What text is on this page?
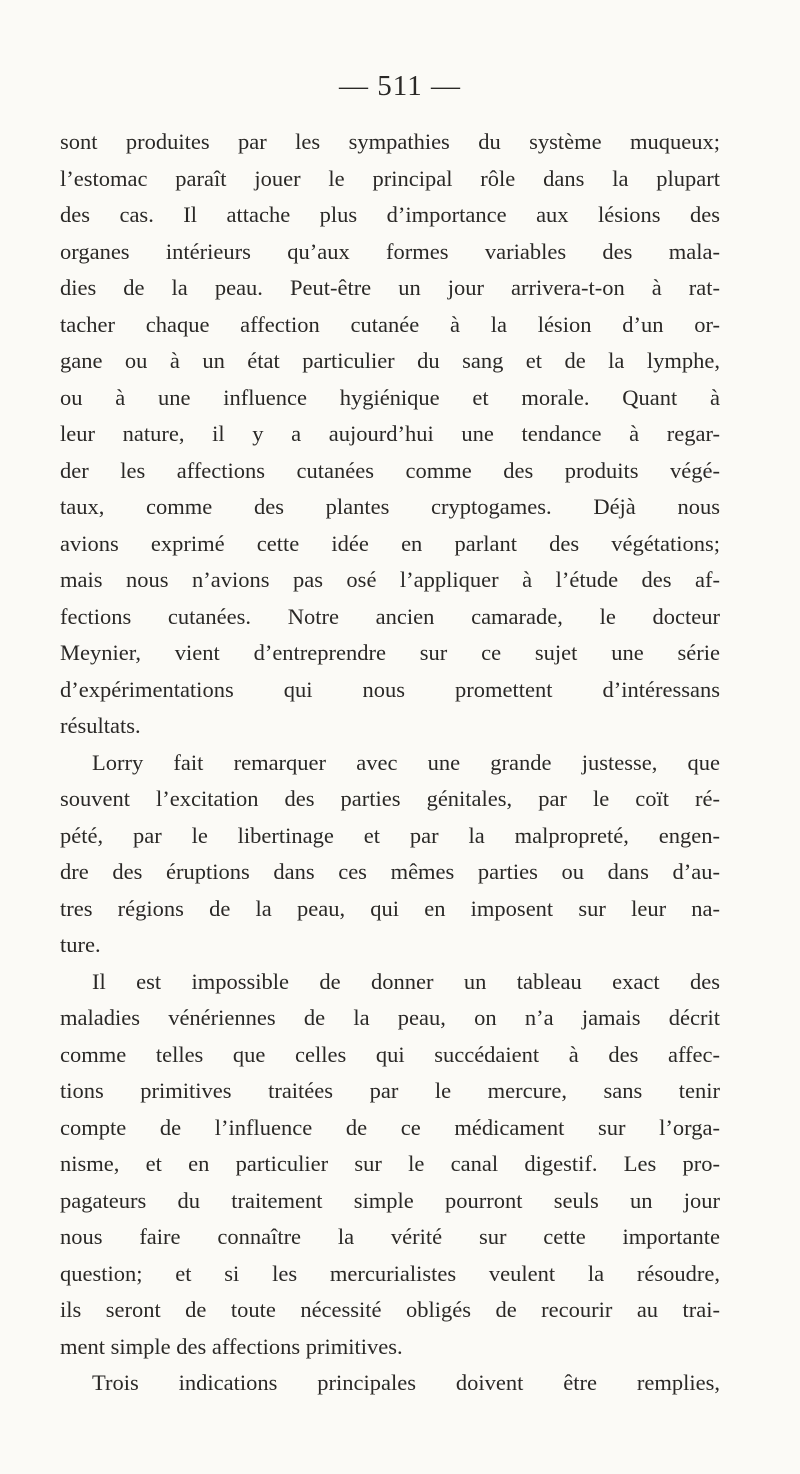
— 511 —
sont produites par les sympathies du système muqueux;
l’estomac paraît jouer le principal rôle dans la plupart
des cas. Il attache plus d’importance aux lésions des
organes intérieurs qu’aux formes variables des mala-
dies de la peau. Peut-être un jour arrivera-t-on à rat-
tacher chaque affection cutanée à la lésion d’un or-
gane ou à un état particulier du sang et de la lymphe,
ou à une influence hygiénique et morale. Quant à
leur nature, il y a aujourd’hui une tendance à regar-
der les affections cutanées comme des produits végé-
taux, comme des plantes cryptogames. Déjà nous
avions exprimé cette idée en parlant des végétations;
mais nous n’avions pas osé l’appliquer à l’étude des af-
fections cutanées. Notre ancien camarade, le docteur
Meynier, vient d’entreprendre sur ce sujet une série
d’expérimentations qui nous promettent d’intéressans
résultats.
Lorry fait remarquer avec une grande justesse, que
souvent l’excitation des parties génitales, par le coït ré-
pété, par le libertinage et par la malpropreté, engen-
dre des éruptions dans ces mêmes parties ou dans d’au-
tres régions de la peau, qui en imposent sur leur na-
ture.
Il est impossible de donner un tableau exact des
maladies vénériennes de la peau, on n’a jamais décrit
comme telles que celles qui succédaient à des affec-
tions primitives traitées par le mercure, sans tenir
compte de l’influence de ce médicament sur l’orga-
nisme, et en particulier sur le canal digestif. Les pro-
pagateurs du traitement simple pourront seuls un jour
nous faire connaître la vérité sur cette importante
question; et si les mercurialistes veulent la résoudre,
ils seront de toute nécessité obligés de recourir au trai-
ment simple des affections primitives.
Trois indications principales doivent être remplies,
